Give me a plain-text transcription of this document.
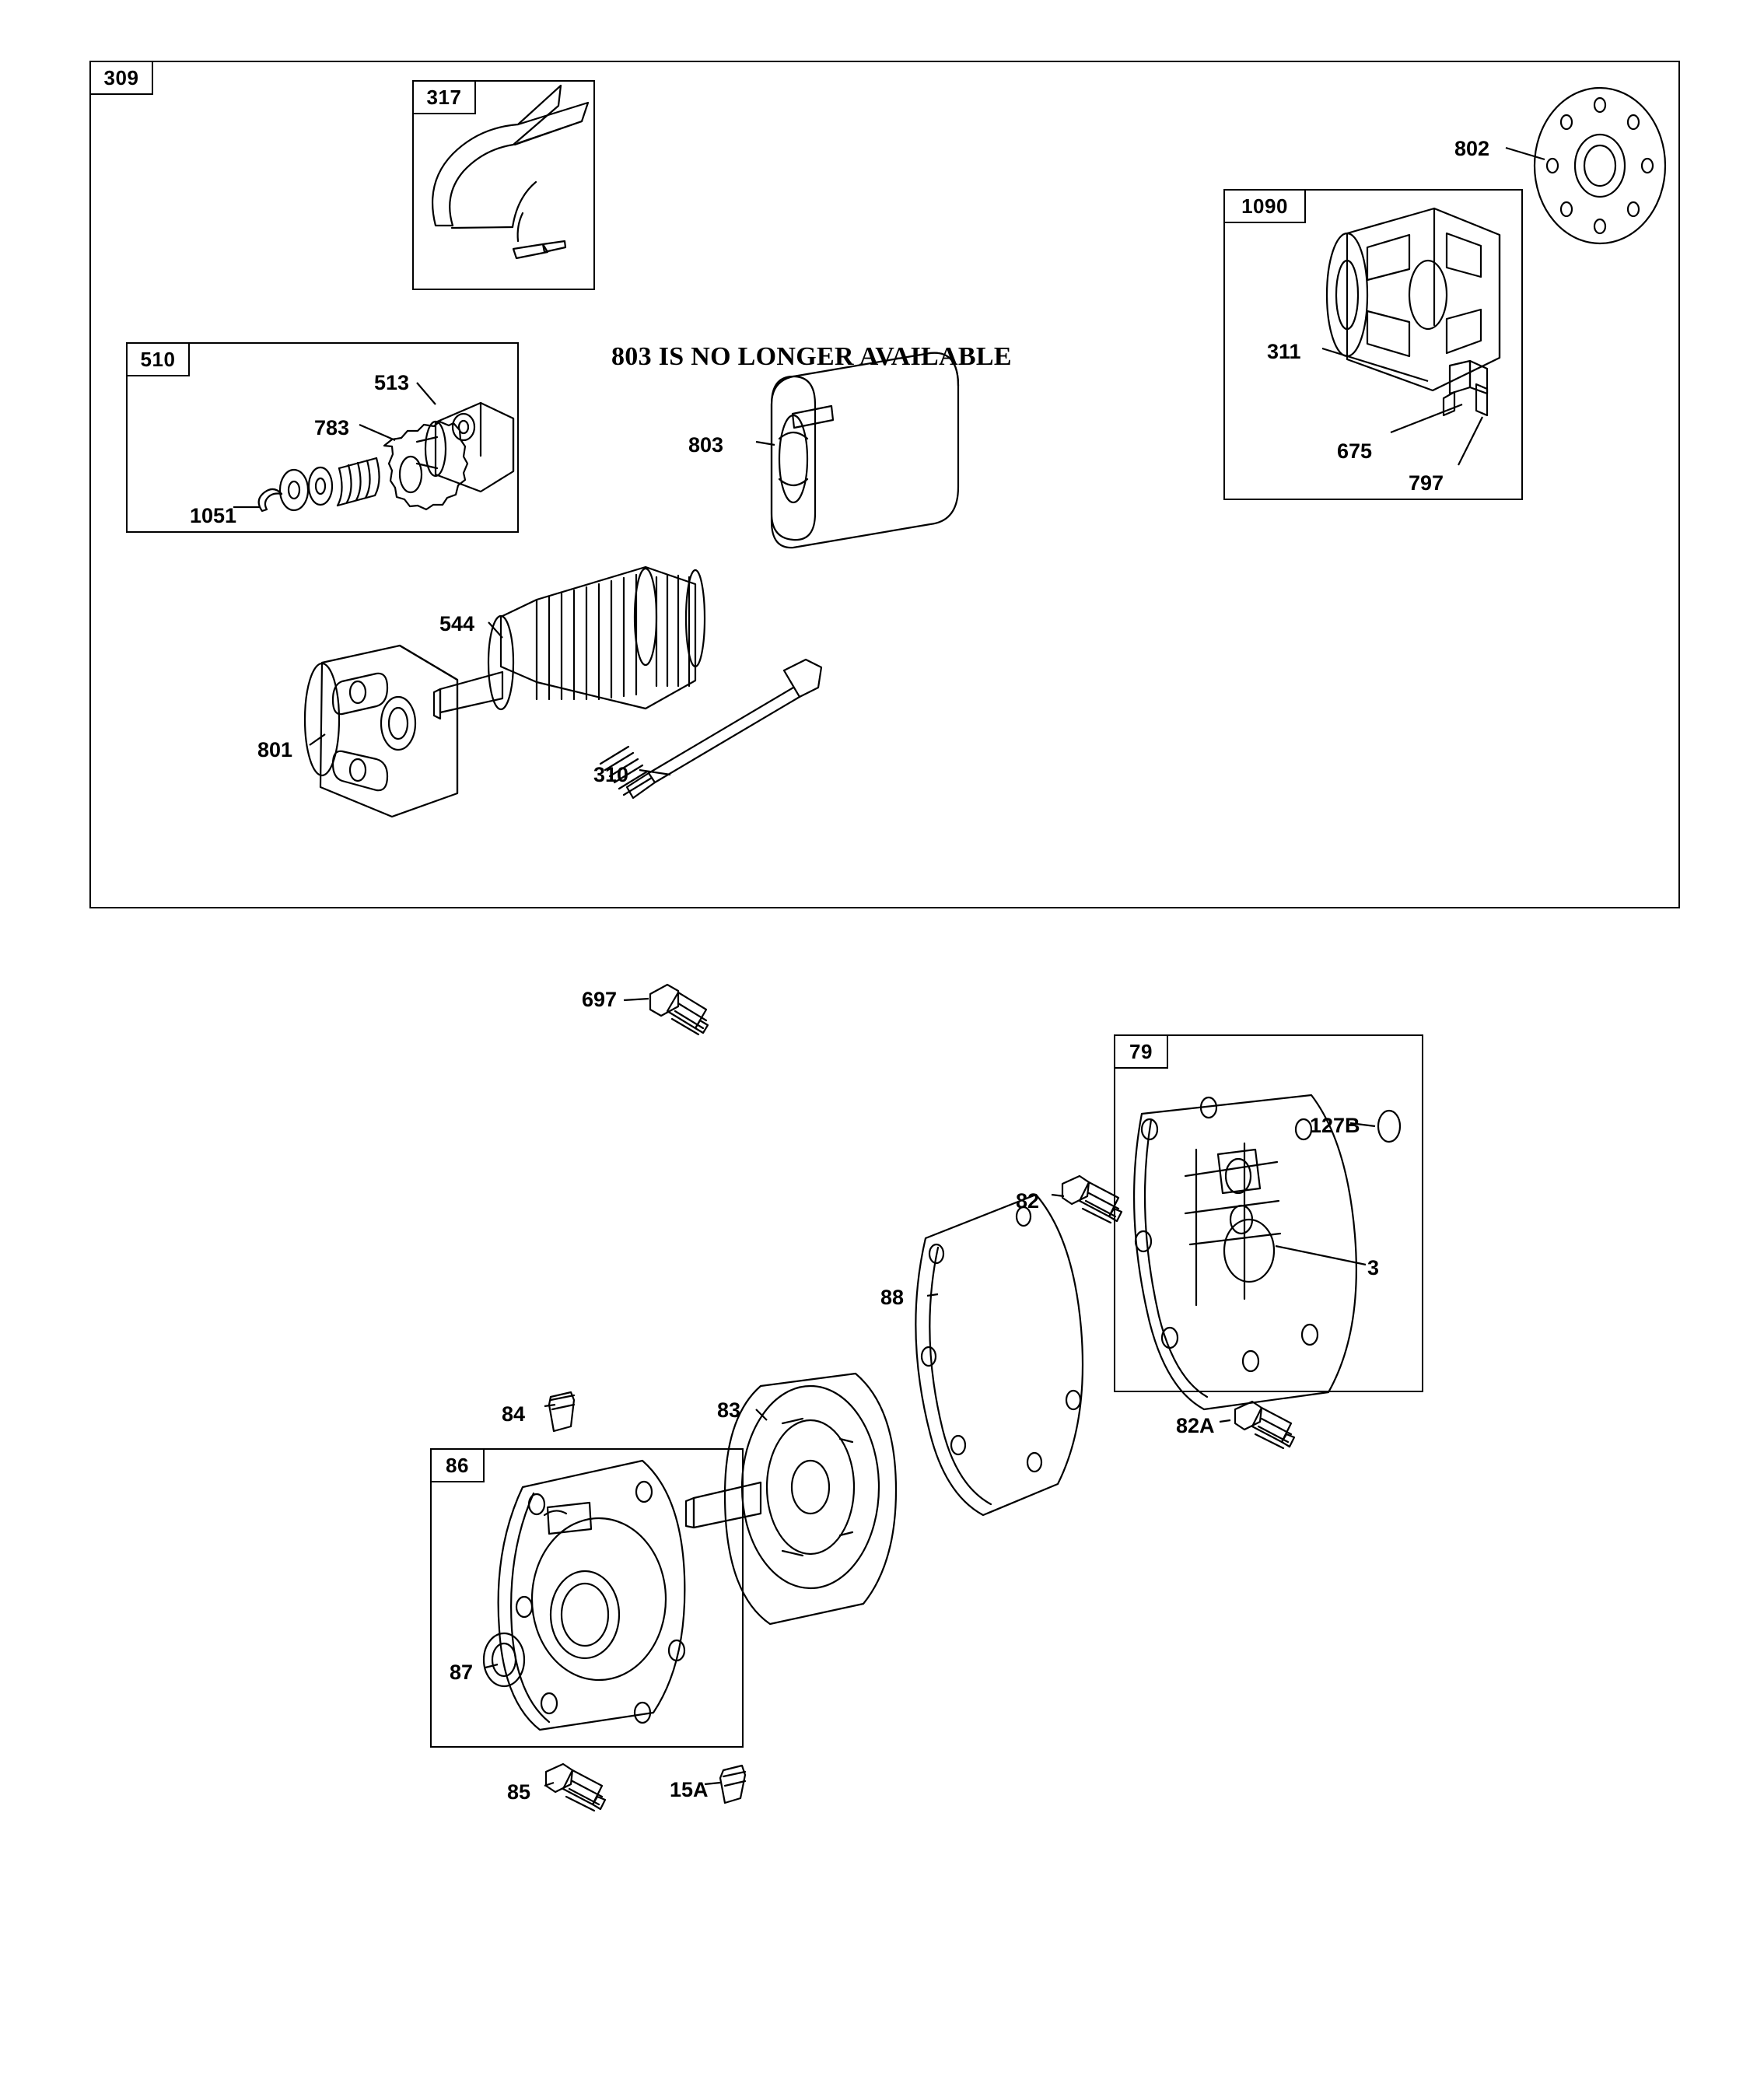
309
317
510
1090
79
86
803 IS NO LONGER AVAILABLE
802
311
675
797
513
783
1051
803
544
801
310
697
127B
3
82
88
82A
84	83
87
85	15A
